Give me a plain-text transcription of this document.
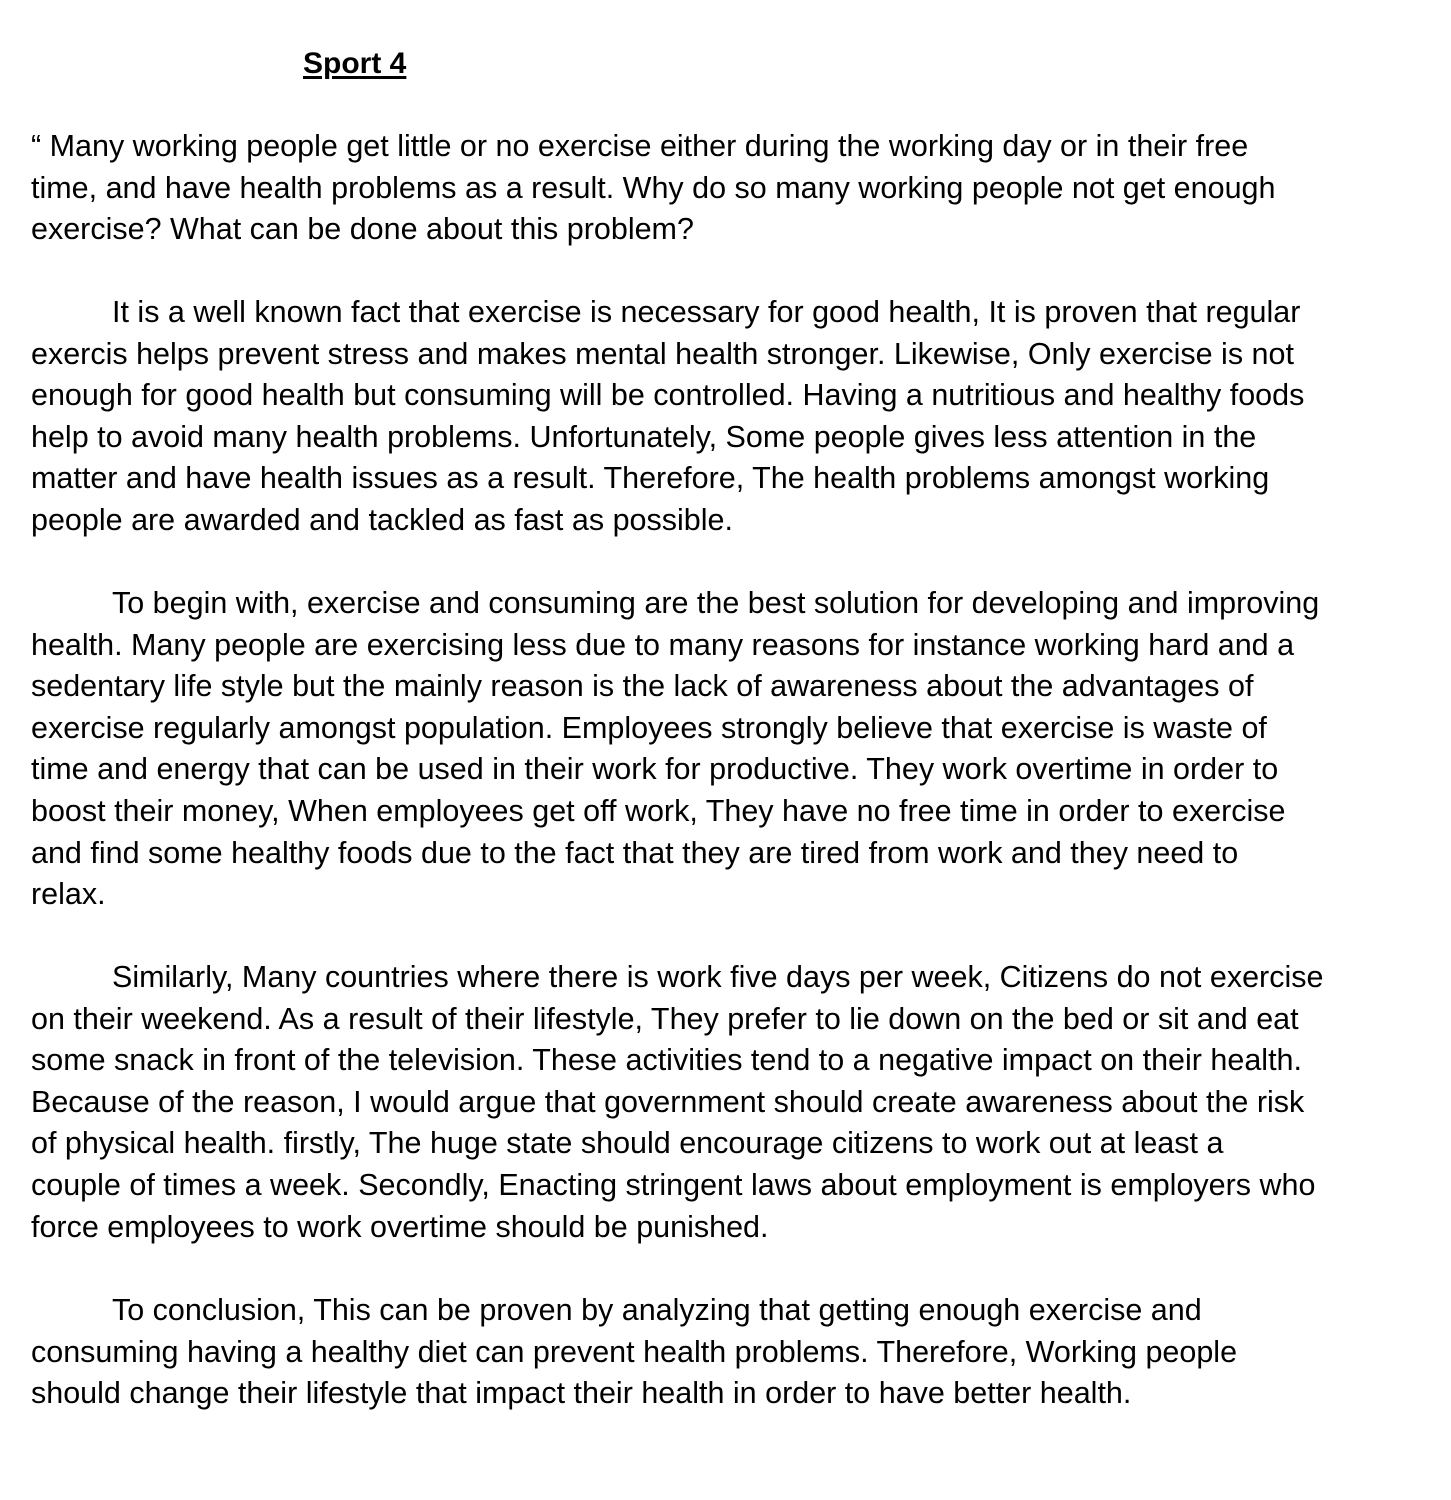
Sport 4

“ Many working people get little or no exercise either during the working day or in their free
time, and have health problems as a result. Why do so many working people not get enough
exercise? What can be done about this problem?

It is a well known fact that exercise is necessary for good health, It is proven that regular
exercis helps prevent stress and makes mental health stronger. Likewise, Only exercise is not
enough for good health but consuming will be controlled. Having a nutritious and healthy foods
help to avoid many health problems. Unfortunately, Some people gives less attention in the
matter and have health issues as a result. Therefore, The health problems amongst working
people are awarded and tackled as fast as possible.

To begin with, exercise and consuming are the best solution for developing and improving
health. Many people are exercising less due to many reasons for instance working hard and a
sedentary life style but the mainly reason is the lack of awareness about the advantages of
exercise regularly amongst population. Employees strongly believe that exercise is waste of
time and energy that can be used in their work for productive. They work overtime in order to
boost their money, When employees get off work, They have no free time in order to exercise
and find some healthy foods due to the fact that they are tired from work and they need to
relax.

Similarly, Many countries where there is work five days per week, Citizens do not exercise
on their weekend. As a result of their lifestyle, They prefer to lie down on the bed or sit and eat
some snack in front of the television. These activities tend to a negative impact on their health.
Because of the reason, I would argue that government should create awareness about the risk
of physical health. firstly, The huge state should encourage citizens to work out at least a
couple of times a week. Secondly, Enacting stringent laws about employment is employers who
force employees to work overtime should be punished.

To conclusion, This can be proven by analyzing that getting enough exercise and
consuming having a healthy diet can prevent health problems. Therefore, Working people
should change their lifestyle that impact their health in order to have better health.
